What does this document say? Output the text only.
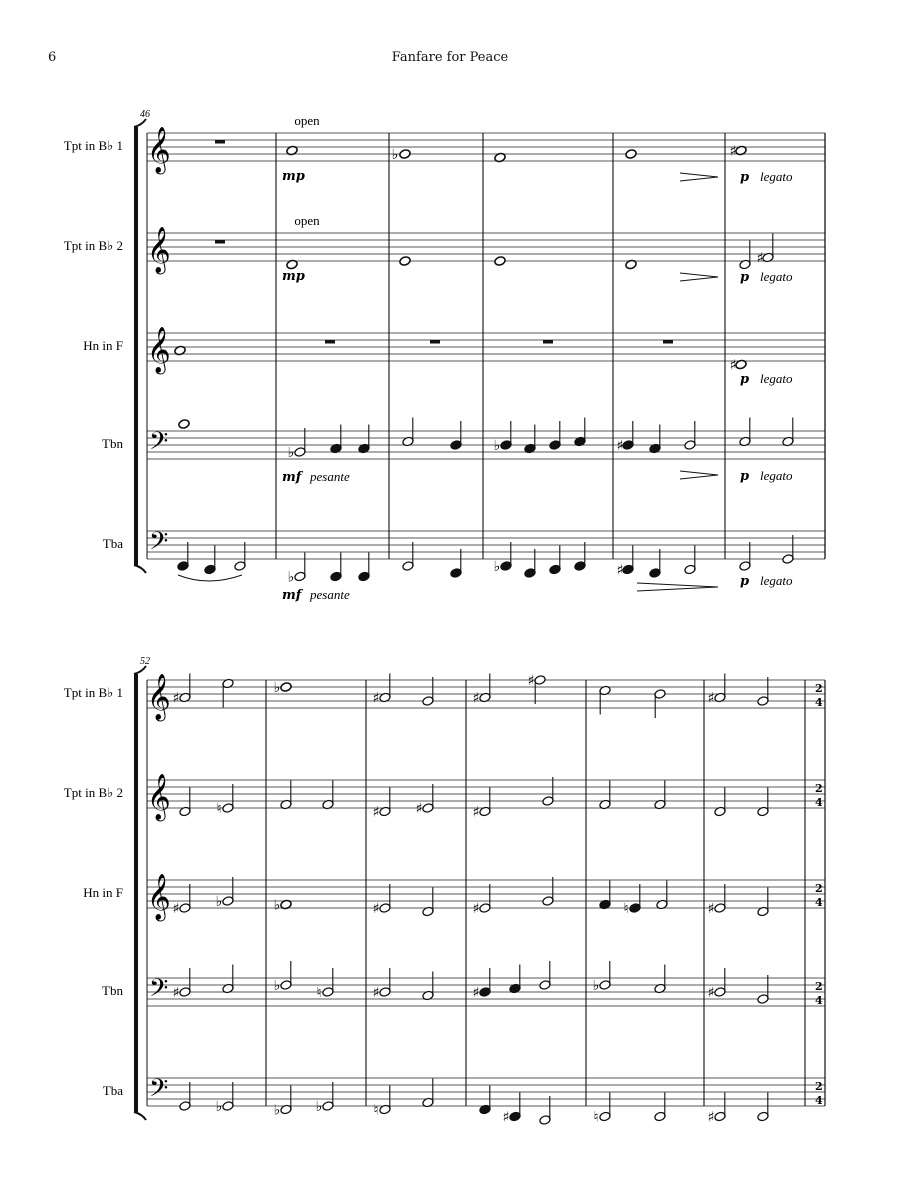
6	Fanfare for Peace
46
Tpt in B♭ 1 𝄞
Tpt in B♭ 2 𝄞
Hn in F 𝄞
Tbn 𝄢
Tba 𝄢
52
Tpt in B♭ 1 𝄞	2
4
Tpt in B♭ 2 𝄞	2
4
Hn in F 𝄞	2
4
Tbn 𝄢	2
4
Tba 𝄢	2
4
open
mp
♭	♯
p legato
open
mp
♯
p legato
♯
p legato
♭
mf pesante
♭	♯
p legato
♭
mf pesante
♭	♯
p legato
♯
♭
♯	♯
♯
♯
♮	♯	♯	♯
♯	♭	♭	♯	♯	♮	♯
♯	♭	♮	♯	♯	♭	♯
♭	♭	♭	♮	♯	♮	♯
